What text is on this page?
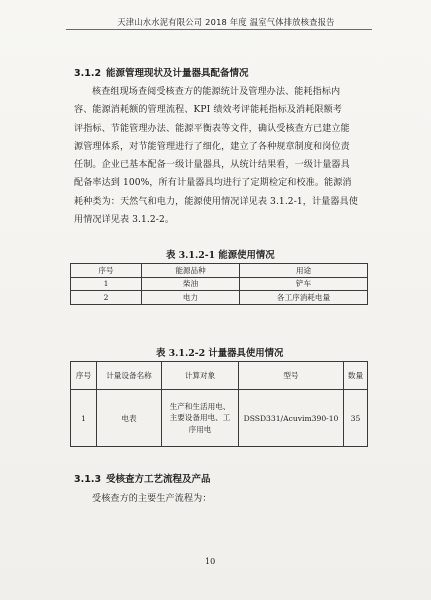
天津山水水泥有限公司 2018 年度 温室气体排放核查报告
3.1.2 能源管理现状及计量器具配备情况
核查组现场查阅受核查方的能源统计及管理办法、能耗指标内
容、能源消耗额的管理流程、KPI 绩效考评能耗指标及消耗限额考
评指标、节能管理办法、能源平衡表等文件，确认受核查方已建立能
源管理体系，对节能管理进行了细化，建立了各种规章制度和岗位责
任制。企业已基本配备一级计量器具，从统计结果看，一级计量器具
配备率达到 100%，所有计量器具均进行了定期检定和校准。能源消
耗种类为：天然气和电力，能源使用情况详见表 3.1.2-1，计量器具使
用情况详见表 3.1.2-2。
表 3.1.2-1 能源使用情况
序号	能源品种	用途
1	柴油	铲车
2	电力	各工序消耗电量
表 3.1.2-2 计量器具使用情况
序号	计量设备名称	计算对象	型号	数量
1	电表	生产和生活用电、
主要设备用电、工
序用电	DSSD331/Acuvim390-10	35
3.1.3 受核查方工艺流程及产品
受核查方的主要生产流程为：
10
